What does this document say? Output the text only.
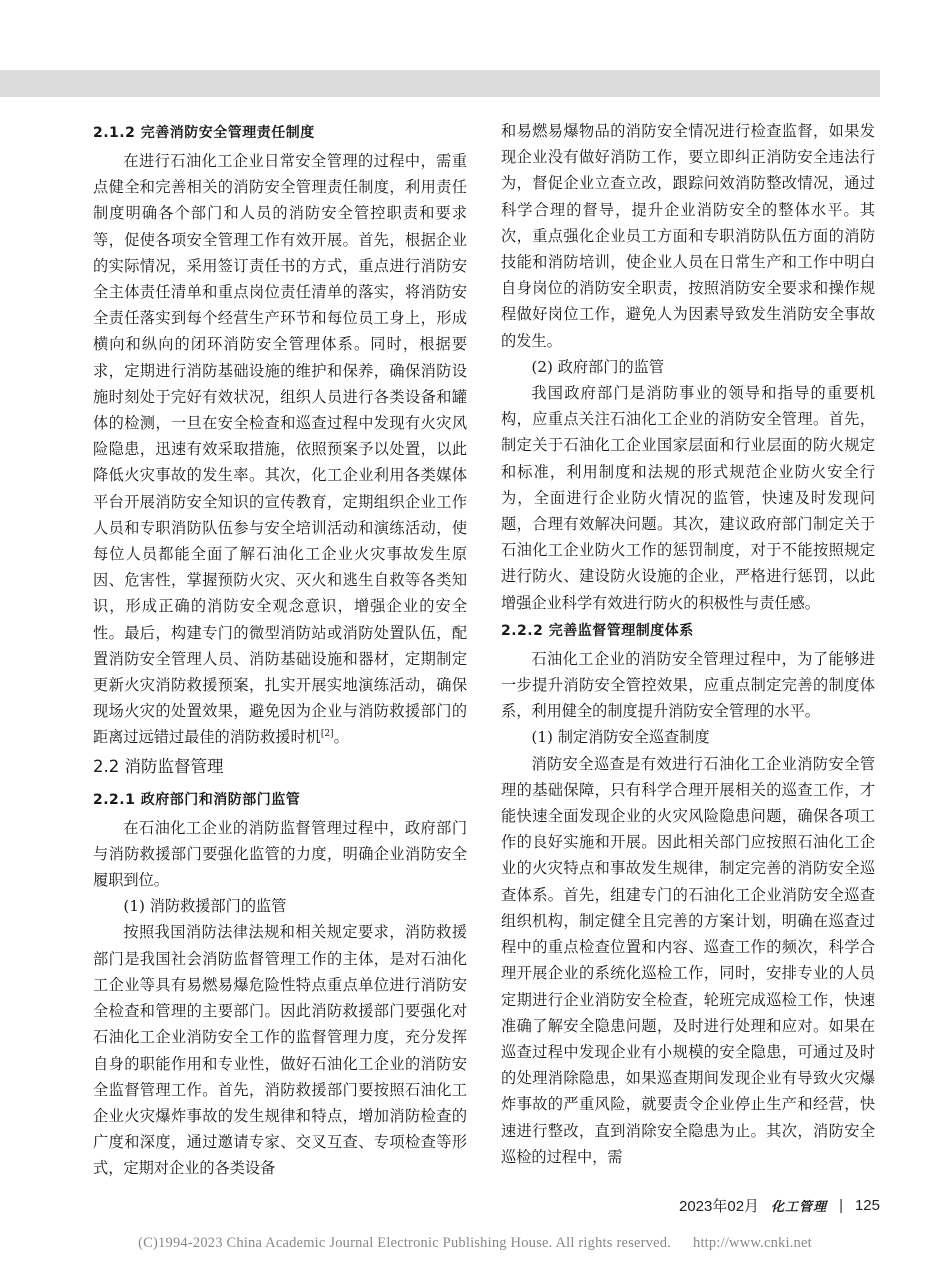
2.1.2 完善消防安全管理责任制度

在进行石油化工企业日常安全管理的过程中，需重点健全和完善相关的消防安全管理责任制度，利用责任制度明确各个部门和人员的消防安全管控职责和要求等，促使各项安全管理工作有效开展。首先，根据企业的实际情况，采用签订责任书的方式，重点进行消防安全主体责任清单和重点岗位责任清单的落实，将消防安全责任落实到每个经营生产环节和每位员工身上，形成横向和纵向的闭环消防安全管理体系。同时，根据要求，定期进行消防基础设施的维护和保养，确保消防设施时刻处于完好有效状况，组织人员进行各类设备和罐体的检测，一旦在安全检查和巡查过程中发现有火灾风险隐患，迅速有效采取措施，依照预案予以处置，以此降低火灾事故的发生率。其次，化工企业利用各类媒体平台开展消防安全知识的宣传教育，定期组织企业工作人员和专职消防队伍参与安全培训活动和演练活动，使每位人员都能全面了解石油化工企业火灾事故发生原因、危害性，掌握预防火灾、灭火和逃生自救等各类知识，形成正确的消防安全观念意识，增强企业的安全性。最后，构建专门的微型消防站或消防处置队伍，配置消防安全管理人员、消防基础设施和器材，定期制定更新火灾消防救援预案，扎实开展实地演练活动，确保现场火灾的处置效果，避免因为企业与消防救援部门的距离过远错过最佳的消防救援时机[2]。

2.2 消防监督管理
2.2.1 政府部门和消防部门监管

在石油化工企业的消防监督管理过程中，政府部门与消防救援部门要强化监管的力度，明确企业消防安全履职到位。

(1) 消防救援部门的监管

按照我国消防法律法规和相关规定要求，消防救援部门是我国社会消防监督管理工作的主体，是对石油化工企业等具有易燃易爆危险性特点重点单位进行消防安全检查和管理的主要部门。因此消防救援部门要强化对石油化工企业消防安全工作的监督管理力度，充分发挥自身的职能作用和专业性，做好石油化工企业的消防安全监督管理工作。首先，消防救援部门要按照石油化工企业火灾爆炸事故的发生规律和特点，增加消防检查的广度和深度，通过邀请专家、交叉互查、专项检查等形式，定期对企业的各类设备

和易燃易爆物品的消防安全情况进行检查监督，如果发现企业没有做好消防工作，要立即纠正消防安全违法行为，督促企业立查立改，跟踪问效消防整改情况，通过科学合理的督导，提升企业消防安全的整体水平。其次，重点强化企业员工方面和专职消防队伍方面的消防技能和消防培训，使企业人员在日常生产和工作中明白自身岗位的消防安全职责，按照消防安全要求和操作规程做好岗位工作，避免人为因素导致发生消防安全事故的发生。

(2) 政府部门的监管

我国政府部门是消防事业的领导和指导的重要机构，应重点关注石油化工企业的消防安全管理。首先，制定关于石油化工企业国家层面和行业层面的防火规定和标准，利用制度和法规的形式规范企业防火安全行为，全面进行企业防火情况的监管，快速及时发现问题，合理有效解决问题。其次，建议政府部门制定关于石油化工企业防火工作的惩罚制度，对于不能按照规定进行防火、建设防火设施的企业，严格进行惩罚，以此增强企业科学有效进行防火的积极性与责任感。

2.2.2 完善监督管理制度体系

石油化工企业的消防安全管理过程中，为了能够进一步提升消防安全管控效果，应重点制定完善的制度体系，利用健全的制度提升消防安全管理的水平。

(1) 制定消防安全巡查制度

消防安全巡查是有效进行石油化工企业消防安全管理的基础保障，只有科学合理开展相关的巡查工作，才能快速全面发现企业的火灾风险隐患问题，确保各项工作的良好实施和开展。因此相关部门应按照石油化工企业的火灾特点和事故发生规律，制定完善的消防安全巡查体系。首先，组建专门的石油化工企业消防安全巡查组织机构，制定健全且完善的方案计划，明确在巡查过程中的重点检查位置和内容、巡查工作的频次，科学合理开展企业的系统化巡检工作，同时，安排专业的人员定期进行企业消防安全检查，轮班完成巡检工作，快速准确了解安全隐患问题，及时进行处理和应对。如果在巡查过程中发现企业有小规模的安全隐患，可通过及时的处理消除隐患，如果巡查期间发现企业有导致火灾爆炸事故的严重风险，就要责令企业停止生产和经营，快速进行整改，直到消除安全隐患为止。其次，消防安全巡检的过程中，需

2023年02月 化工管理 | 125
(C)1994-2023 China Academic Journal Electronic Publishing House. All rights reserved. http://www.cnki.net
